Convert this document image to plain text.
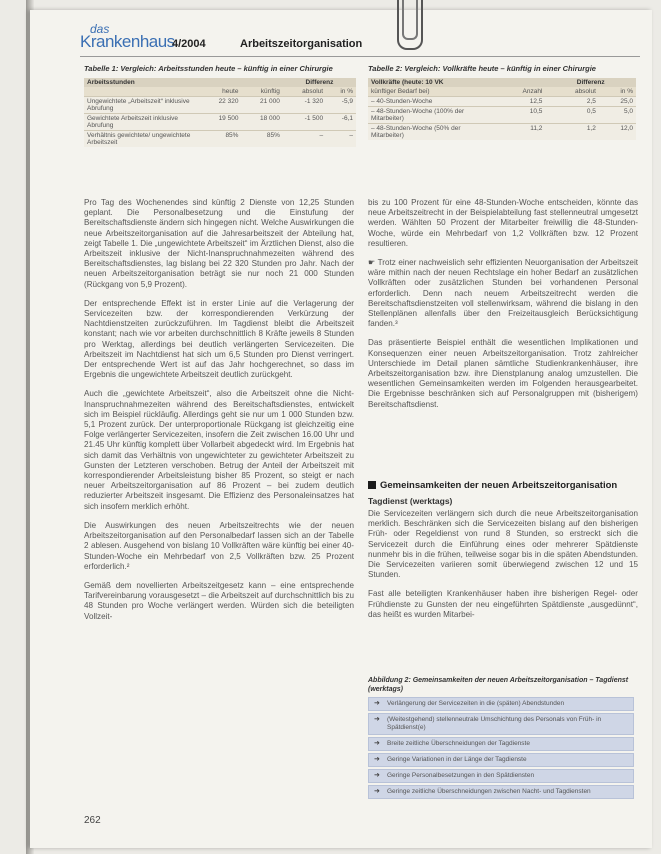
das
Krankenhaus
4/2004	Arbeitszeitorganisation
Tabelle 1: Vergleich: Arbeitsstunden heute – künftig in einer Chirurgie
Arbeitsstunden			Differenz	
	heute	künftig	absolut	in %
Ungewichtete „Arbeitszeit“ inklusive Abrufung	22 320	21 000	-1 320	-5,9
Gewichtete Arbeitszeit inklusive Abrufung	19 500	18 000	-1 500	-6,1
Verhältnis gewichtete/ ungewichtete Arbeitszeit	85%	85%	–	–
Tabelle 2: Vergleich: Vollkräfte heute – künftig in einer Chirurgie
Vollkräfte (heute: 10 VK		Differenz	
künftiger Bedarf bei)	Anzahl	absolut	in %
– 40-Stunden-Woche	12,5	2,5	25,0
– 48-Stunden-Woche (100% der Mitarbeiter)	10,5	0,5	5,0
– 48-Stunden-Woche (50% der Mitarbeiter)	11,2	1,2	12,0

Pro Tag des Wochenendes sind künftig 2 Dienste von 12,25 Stunden geplant. Die Personalbesetzung und die Einstufung der Bereitschaftsdienste ändern sich hingegen nicht. Welche Auswirkungen die neue Arbeitszeitorganisation auf die Jahresarbeitszeit der Abteilung hat, zeigt Tabelle 1. Die „ungewichtete Arbeitszeit“ im Ärztlichen Dienst, also die Arbeitszeit inklusive der Nicht-Inanspruchnahmezeiten während des Bereitschaftsdienstes, lag bislang bei 22 320 Stunden pro Jahr. Nach der neuen Arbeitszeitorganisation beträgt sie nur noch 21 000 Stunden (Rückgang von 5,9 Prozent).

Der entsprechende Effekt ist in erster Linie auf die Verlagerung der Servicezeiten bzw. der korrespondierenden Verkürzung der Nachtdienstzeiten zurückzuführen. Im Tagdienst bleibt die Arbeitszeit konstant; nach wie vor arbeiten durchschnittlich 8 Kräfte jeweils 8 Stunden pro Werktag, allerdings bei deutlich verlängerten Servicezeiten. Die Arbeitszeit im Nachtdienst hat sich um 6,5 Stunden pro Dienst verringert. Der entsprechende Wert ist auf das Jahr hochgerechnet, so dass im Ergebnis die ungewichtete Arbeitszeit deutlich zurückgeht.

Auch die „gewichtete Arbeitszeit“, also die Arbeitszeit ohne die Nicht-Inanspruchnahmezeiten während des Bereitschaftsdienstes, entwickelt sich im Beispiel rückläufig. Allerdings geht sie nur um 1 000 Stunden bzw. 5,1 Prozent zurück. Der unterproportionale Rückgang ist gleichzeitig eine Folge verlängerter Servicezeiten, insofern die Zeit zwischen 16.00 Uhr und 21.45 Uhr künftig komplett über Vollarbeit abgedeckt wird. Im Ergebnis hat sich damit das Verhältnis von ungewichteter zu gewichteter Arbeitszeit zu Gunsten der Letzteren verschoben. Betrug der Anteil der Arbeitszeit mit korrespondierender Arbeitsleistung bisher 85 Prozent, so steigt er nach neuer Arbeitszeitorganisation auf 86 Prozent – bei zudem deutlich reduzierter Arbeitszeit insgesamt. Die Effizienz des Personaleinsatzes hat sich insofern merklich erhöht.

Die Auswirkungen des neuen Arbeitszeitrechts wie der neuen Arbeitszeitorganisation auf den Personalbedarf lassen sich an der Tabelle 2 ablesen. Ausgehend von bislang 10 Vollkräften wäre künftig bei einer 40-Stunden-Woche ein Mehrbedarf von 2,5 Vollkräften bzw. 25 Prozent erforderlich.²

Gemäß dem novellierten Arbeitszeitgesetz kann – eine entsprechende Tarifvereinbarung vorausgesetzt – die Arbeitszeit auf durchschnittlich bis zu 48 Stunden pro Woche verlängert werden. Würden sich die beteiligten Vollzeit-

bis zu 100 Prozent für eine 48-Stunden-Woche entscheiden, könnte das neue Arbeitszeitrecht in der Beispielabteilung fast stellenneutral umgesetzt werden. Wählten 50 Prozent der Mitarbeiter freiwillig die 48-Stunden-Woche, würde ein Mehrbedarf von 1,2 Vollkräften bzw. 12 Prozent resultieren.

☛ Trotz einer nachweislich sehr effizienten Neuorganisation der Arbeitszeit wäre mithin nach der neuen Rechtslage ein hoher Bedarf an zusätzlichen Vollkräften oder zusätzlichen Stunden bei vorhandenen Personal erforderlich. Denn nach neuem Arbeitszeitrecht werden die Bereitschaftsdienstzeiten voll stellenwirksam, während die bislang in den Stellenplänen allenfalls über den Freizeitausgleich Berücksichtigung fanden.³

Das präsentierte Beispiel enthält die wesentlichen Implikationen und Konsequenzen einer neuen Arbeitszeitorganisation. Trotz zahlreicher Unterschiede im Detail planen sämtliche Studienkrankenhäuser, ihre Arbeitszeitorganisation bzw. ihre Dienstplanung analog umzustellen. Die wesentlichen Gemeinsamkeiten werden im Folgenden herausgearbeitet. Die Ergebnisse beschränken sich auf Personalgruppen mit (bisherigem) Bereitschaftsdienst.

Gemeinsamkeiten der neuen Arbeitszeitorganisation
Tagdienst (werktags)

Die Servicezeiten verlängern sich durch die neue Arbeitszeitorganisation merklich. Beschränken sich die Servicezeiten bislang auf den bisherigen Früh- oder Regeldienst von rund 8 Stunden, so erstreckt sich die Servicezeit durch die Einführung eines oder mehrerer Spätdienste nunmehr bis in die frühen, teilweise sogar bis in die späten Abendstunden. Die Servicezeiten variieren somit überwiegend zwischen 12 und 15 Stunden.

Fast alle beteiligten Krankenhäuser haben ihre bisherigen Regel- oder Frühdienste zu Gunsten der neu eingeführten Spätdienste „ausgedünnt“, das heißt es wurden Mitarbei-

Abbildung 2: Gemeinsamkeiten der neuen Arbeitszeitorganisation – Tagdienst (werktags)
➜ Verlängerung der Servicezeiten in die (späten) Abendstunden
➜ (Weitestgehend) stellenneutrale Umschichtung des Personals von Früh- in Spätdienst(e)
➜ Breite zeitliche Überschneidungen der Tagdienste
➜ Geringe Variationen in der Länge der Tagdienste
➜ Geringe Personalbesetzungen in den Spätdiensten
➜ Geringe zeitliche Überschneidungen zwischen Nacht- und Tagdiensten
262
